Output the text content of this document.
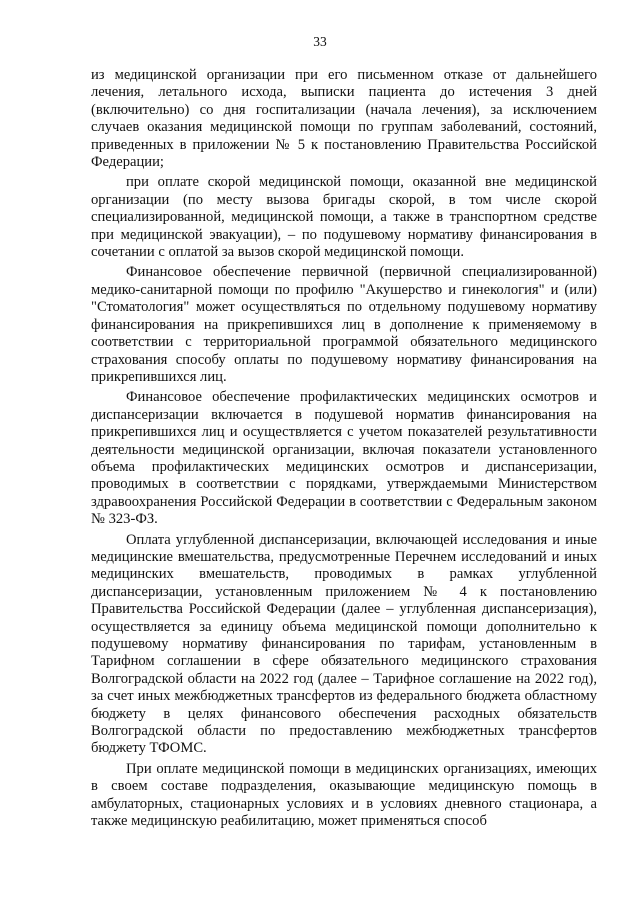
33

из медицинской организации при его письменном отказе от дальнейшего лечения, летального исхода, выписки пациента до истечения 3 дней (включительно) со дня госпитализации (начала лечения), за исключением случаев оказания медицинской помощи по группам заболеваний, состояний, приведенных в приложении № 5 к постановлению Правительства Российской Федерации;

при оплате скорой медицинской помощи, оказанной вне медицинской организации (по месту вызова бригады скорой, в том числе скорой специализированной, медицинской помощи, а также в транспортном средстве при медицинской эвакуации), – по подушевому нормативу финансирования в сочетании с оплатой за вызов скорой медицинской помощи.

Финансовое обеспечение первичной (первичной специализированной) медико-санитарной помощи по профилю "Акушерство и гинекология" и (или) "Стоматология" может осуществляться по отдельному подушевому нормативу финансирования на прикрепившихся лиц в дополнение к применяемому в соответствии с территориальной программой обязательного медицинского страхования способу оплаты по подушевому нормативу финансирования на прикрепившихся лиц.

Финансовое обеспечение профилактических медицинских осмотров и диспансеризации включается в подушевой норматив финансирования на прикрепившихся лиц и осуществляется с учетом показателей результативности деятельности медицинской организации, включая показатели установленного объема профилактических медицинских осмотров и диспансеризации, проводимых в соответствии с порядками, утверждаемыми Министерством здравоохранения Российской Федерации в соответствии с Федеральным законом № 323-ФЗ.

Оплата углубленной диспансеризации, включающей исследования и иные медицинские вмешательства, предусмотренные Перечнем исследований и иных медицинских вмешательств, проводимых в рамках углубленной диспансеризации, установленным приложением № 4 к постановлению Правительства Российской Федерации (далее – углубленная диспансеризация), осуществляется за единицу объема медицинской помощи дополнительно к подушевому нормативу финансирования по тарифам, установленным в Тарифном соглашении в сфере обязательного медицинского страхования Волгоградской области на 2022 год (далее – Тарифное соглашение на 2022 год), за счет иных межбюджетных трансфертов из федерального бюджета областному бюджету в целях финансового обеспечения расходных обязательств Волгоградской области по предоставлению межбюджетных трансфертов бюджету ТФОМС.

При оплате медицинской помощи в медицинских организациях, имеющих в своем составе подразделения, оказывающие медицинскую помощь в амбулаторных, стационарных условиях и в условиях дневного стационара, а также медицинскую реабилитацию, может применяться способ
